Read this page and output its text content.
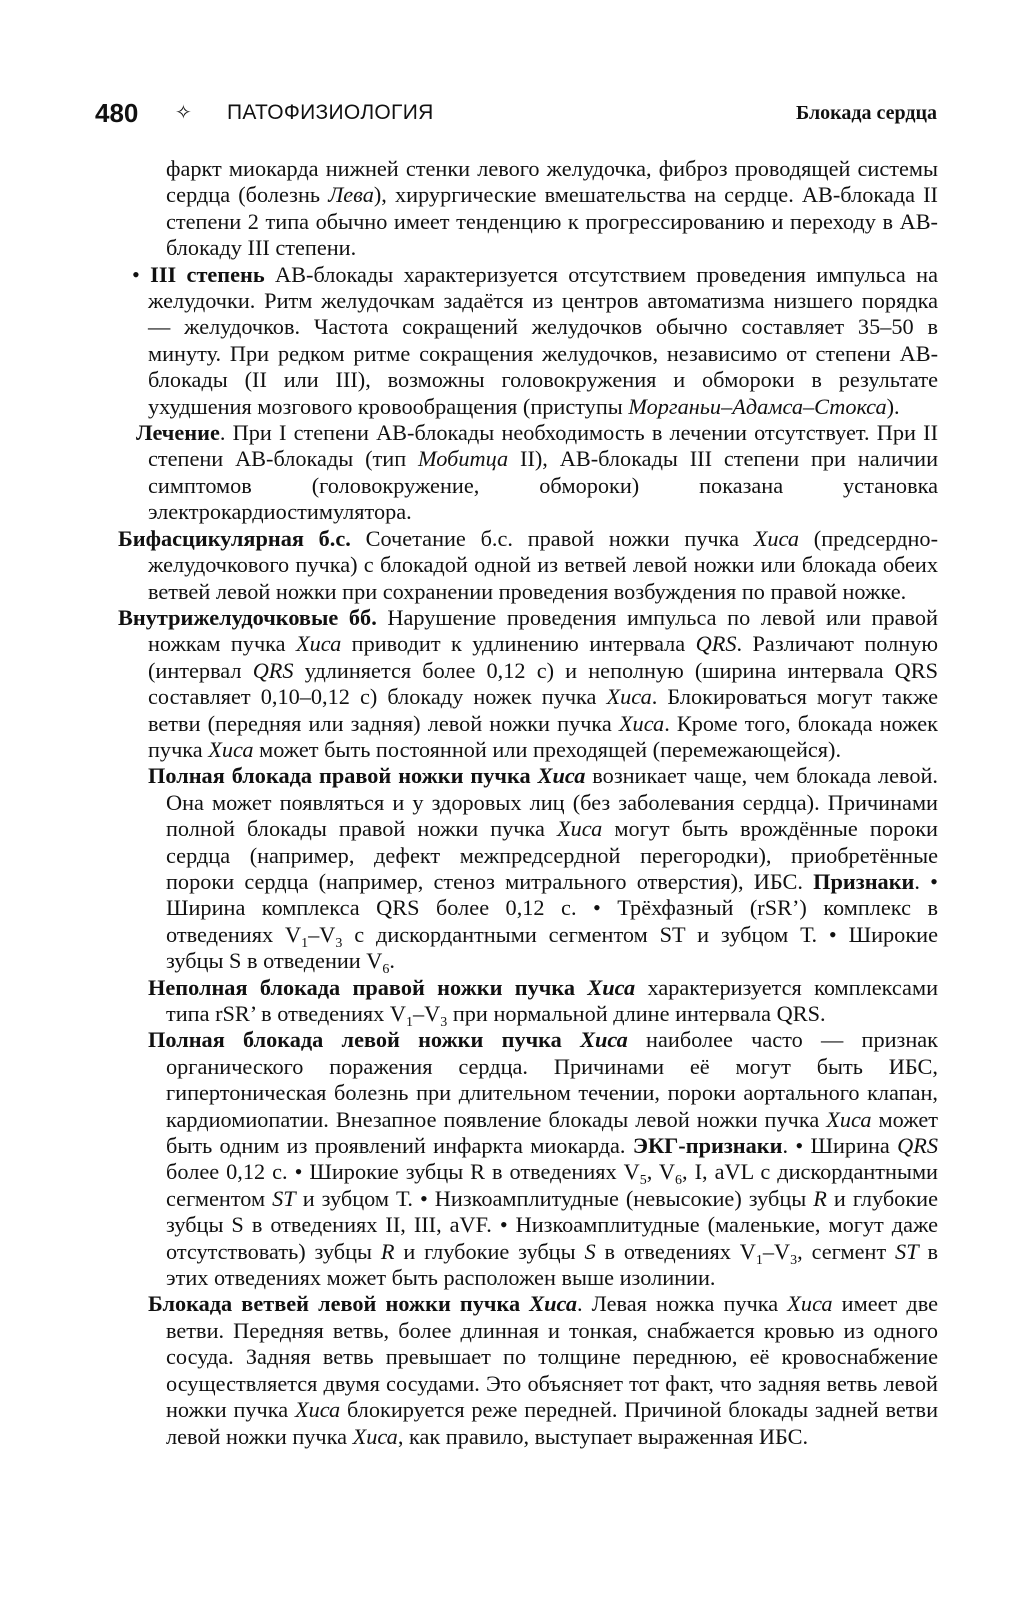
480 ✧ ПАТОФИЗИОЛОГИЯ	Блокада сердца

фаркт миокарда нижней стенки левого желудочка, фиброз проводящей системы сердца (болезнь Лева), хирургические вмешательства на сердце. АВ-блокада II степени 2 типа обычно имеет тенденцию к прогрессированию и переходу в АВ-блокаду III степени.

• III степень АВ-блокады характеризуется отсутствием проведения импульса на желудочки. Ритм желудочкам задаётся из центров автоматизма низшего порядка — желудочков. Частота сокращений желудочков обычно составляет 35–50 в минуту. При редком ритме сокращения желудочков, независимо от степени АВ-блокады (II или III), возможны головокружения и обмороки в результате ухудшения мозгового кровообращения (приступы Морганьи–Адамса–Стокса).

Лечение. При I степени АВ-блокады необходимость в лечении отсутствует. При II степени АВ-блокады (тип Мобитца II), АВ-блокады III степени при наличии симптомов (головокружение, обмороки) показана установка электрокардиостимулятора.

Бифасцикулярная б.с. Сочетание б.с. правой ножки пучка Хиса (предсердно-желудочкового пучка) с блокадой одной из ветвей левой ножки или блокада обеих ветвей левой ножки при сохранении проведения возбуждения по правой ножке.

Внутрижелудочковые бб. Нарушение проведения импульса по левой или правой ножкам пучка Хиса приводит к удлинению интервала QRS. Различают полную (интервал QRS удлиняется более 0,12 с) и неполную (ширина интервала QRS составляет 0,10–0,12 с) блокаду ножек пучка Хиса. Блокироваться могут также ветви (передняя или задняя) левой ножки пучка Хиса. Кроме того, блокада ножек пучка Хиса может быть постоянной или преходящей (перемежающейся).

Полная блокада правой ножки пучка Хиса возникает чаще, чем блокада левой. Она может появляться и у здоровых лиц (без заболевания сердца). Причинами полной блокады правой ножки пучка Хиса могут быть врождённые пороки сердца (например, дефект межпредсердной перегородки), приобретённые пороки сердца (например, стеноз митрального отверстия), ИБС. Признаки. • Ширина комплекса QRS более 0,12 с. • Трёхфазный (rSR’) комплекс в отведениях $V_1-V_3$ с дискордантными сегментом ST и зубцом Т. • Широкие зубцы S в отведении $V_6$.

Неполная блокада правой ножки пучка Хиса характеризуется комплексами типа rSR’ в отведениях $V_1-V_3$ при нормальной длине интервала QRS.

Полная блокада левой ножки пучка Хиса наиболее часто — признак органического поражения сердца. Причинами её могут быть ИБС, гипертоническая болезнь при длительном течении, пороки аортального клапан, кардиомиопатии. Внезапное появление блокады левой ножки пучка Хиса может быть одним из проявлений инфаркта миокарда. ЭКГ-признаки. • Ширина QRS более 0,12 с. • Широкие зубцы R в отведениях $V_5$, $V_6$, I, aVL с дискордантными сегментом ST и зубцом Т. • Низкоамплитудные (невысокие) зубцы R и глубокие зубцы S в отведениях II, III, aVF. • Низкоамплитудные (маленькие, могут даже отсутствовать) зубцы R и глубокие зубцы S в отведениях $V_1-V_3$, сегмент ST в этих отведениях может быть расположен выше изолинии.

Блокада ветвей левой ножки пучка Хиса. Левая ножка пучка Хиса имеет две ветви. Передняя ветвь, более длинная и тонкая, снабжается кровью из одного сосуда. Задняя ветвь превышает по толщине переднюю, её кровоснабжение осуществляется двумя сосудами. Это объясняет тот факт, что задняя ветвь левой ножки пучка Хиса блокируется реже передней. Причиной блокады задней ветви левой ножки пучка Хиса, как правило, выступает выраженная ИБС.
